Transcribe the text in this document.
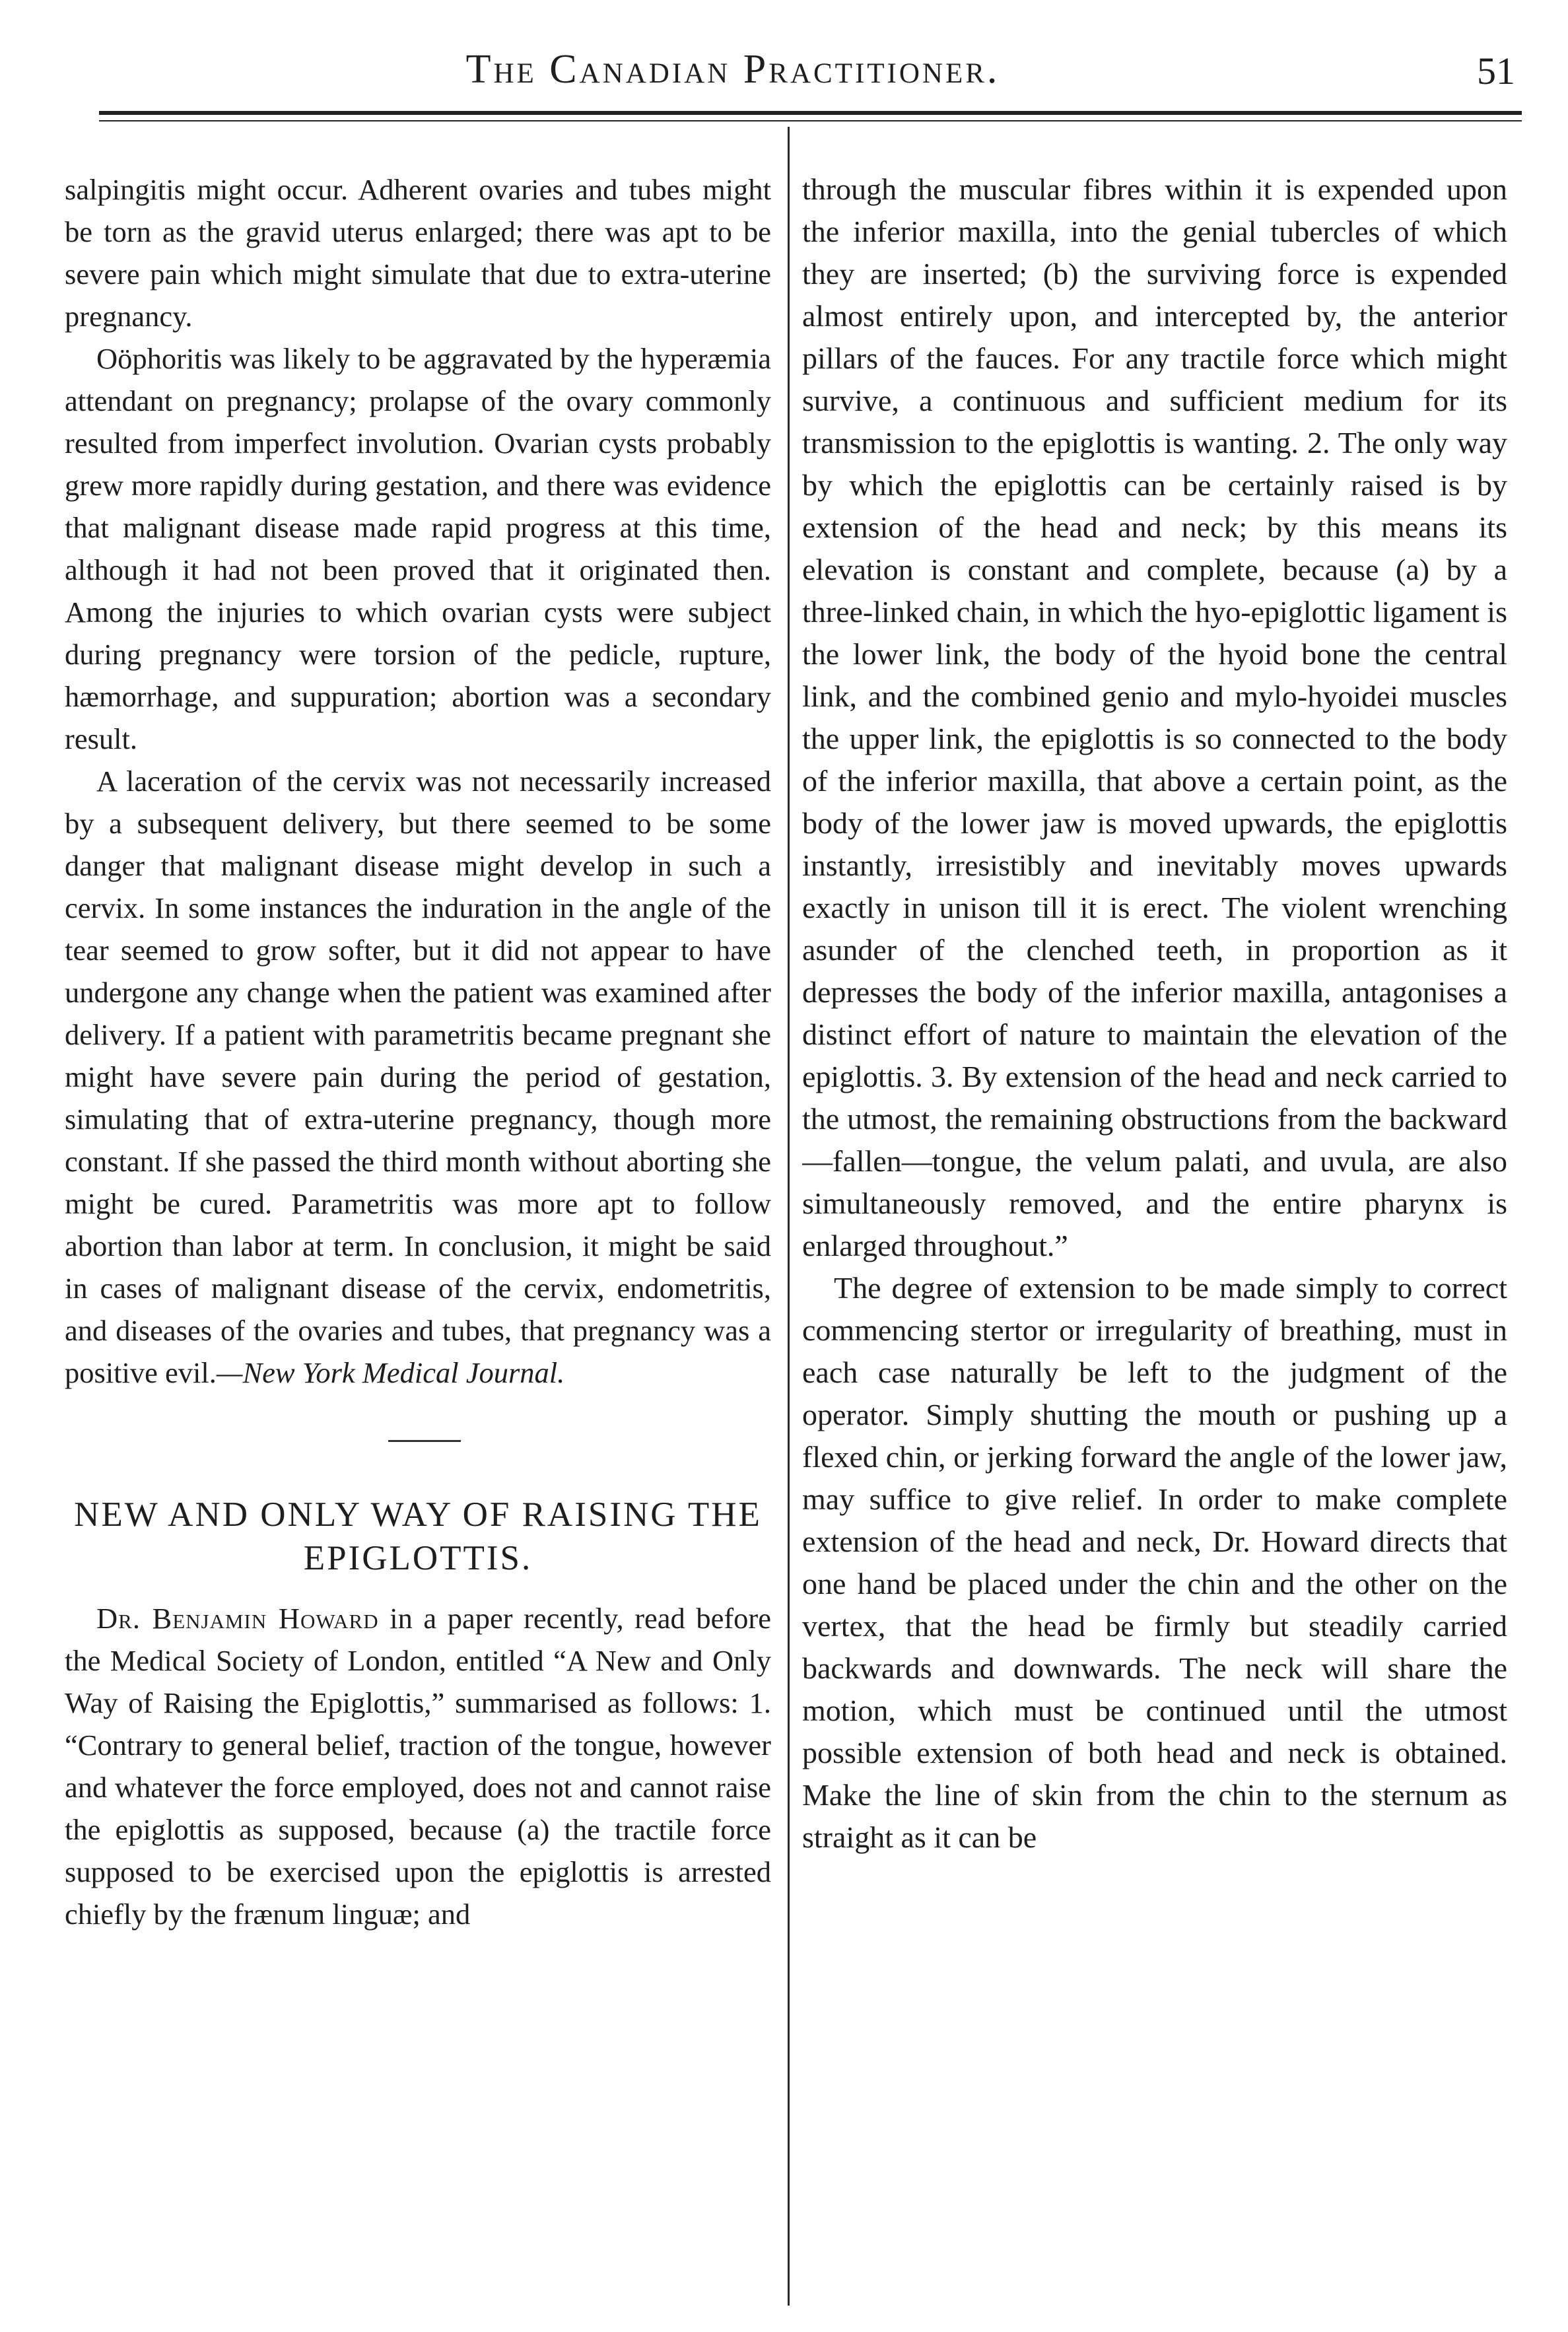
The Canadian Practitioner.	51

salpingitis might occur. Adherent ovaries and tubes might be torn as the gravid uterus enlarged; there was apt to be severe pain which might simulate that due to extra-uterine pregnancy.

Oöphoritis was likely to be aggravated by the hyperæmia attendant on pregnancy; prolapse of the ovary commonly resulted from imperfect involution. Ovarian cysts probably grew more rapidly during gestation, and there was evidence that malignant disease made rapid progress at this time, although it had not been proved that it originated then. Among the injuries to which ovarian cysts were subject during pregnancy were torsion of the pedicle, rupture, hæmorrhage, and suppuration; abortion was a secondary result.

A laceration of the cervix was not necessarily increased by a subsequent delivery, but there seemed to be some danger that malignant disease might develop in such a cervix. In some instances the induration in the angle of the tear seemed to grow softer, but it did not appear to have undergone any change when the patient was examined after delivery. If a patient with parametritis became pregnant she might have severe pain during the period of gestation, simulating that of extra-uterine pregnancy, though more constant. If she passed the third month without aborting she might be cured. Parametritis was more apt to follow abortion than labor at term. In conclusion, it might be said in cases of malignant disease of the cervix, endometritis, and diseases of the ovaries and tubes, that pregnancy was a positive evil.—New York Medical Journal.

NEW AND ONLY WAY OF RAISING THE EPIGLOTTIS.

Dr. Benjamin Howard in a paper recently, read before the Medical Society of London, entitled “A New and Only Way of Raising the Epiglottis,” summarised as follows: 1. “Contrary to general belief, traction of the tongue, however and whatever the force employed, does not and cannot raise the epiglottis as supposed, because (a) the tractile force supposed to be exercised upon the epiglottis is arrested chiefly by the frænum linguæ; and

through the muscular fibres within it is expended upon the inferior maxilla, into the genial tubercles of which they are inserted; (b) the surviving force is expended almost entirely upon, and intercepted by, the anterior pillars of the fauces. For any tractile force which might survive, a continuous and sufficient medium for its transmission to the epiglottis is wanting. 2. The only way by which the epiglottis can be certainly raised is by extension of the head and neck; by this means its elevation is constant and complete, because (a) by a three-linked chain, in which the hyo-epiglottic ligament is the lower link, the body of the hyoid bone the central link, and the combined genio and mylo-hyoidei muscles the upper link, the epiglottis is so connected to the body of the inferior maxilla, that above a certain point, as the body of the lower jaw is moved upwards, the epiglottis instantly, irresistibly and inevitably moves upwards exactly in unison till it is erect. The violent wrenching asunder of the clenched teeth, in proportion as it depresses the body of the inferior maxilla, antagonises a distinct effort of nature to maintain the elevation of the epiglottis. 3. By extension of the head and neck carried to the utmost, the remaining obstructions from the backward—fallen—tongue, the velum palati, and uvula, are also simultaneously removed, and the entire pharynx is enlarged throughout.”

The degree of extension to be made simply to correct commencing stertor or irregularity of breathing, must in each case naturally be left to the judgment of the operator. Simply shutting the mouth or pushing up a flexed chin, or jerking forward the angle of the lower jaw, may suffice to give relief. In order to make complete extension of the head and neck, Dr. Howard directs that one hand be placed under the chin and the other on the vertex, that the head be firmly but steadily carried backwards and downwards. The neck will share the motion, which must be continued until the utmost possible extension of both head and neck is obtained. Make the line of skin from the chin to the sternum as straight as it can be
